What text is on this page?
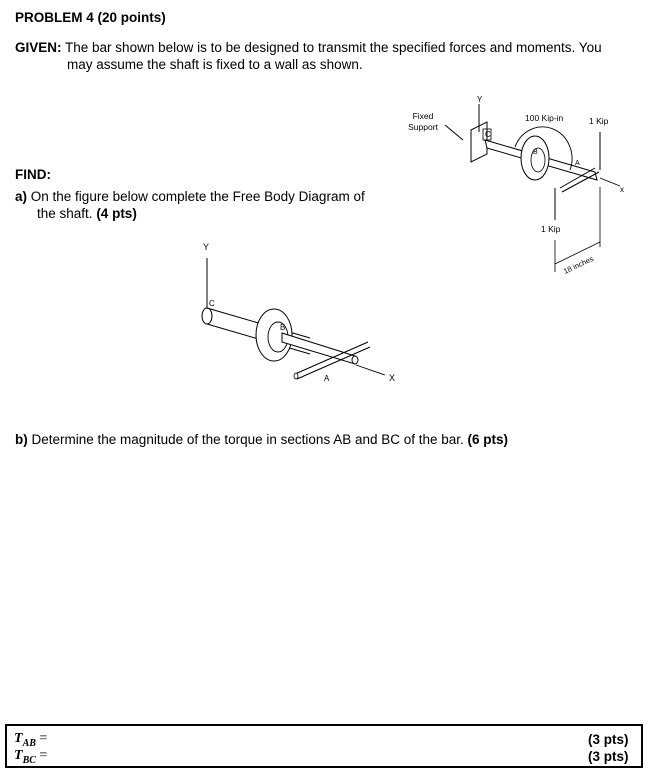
PROBLEM 4 (20 points)
GIVEN: The bar shown below is to be designed to transmit the specified forces and moments. You
may assume the shaft is fixed to a wall as shown.
Fixed
Support
C
Y
B
100 Kip-in
A
x
1 Kip
1 Kip
18 inches
FIND:
a) On the figure below complete the Free Body Diagram of
the shaft. (4 pts)
Y
C
B
A	X
b) Determine the magnitude of the torque in sections AB and BC of the bar. (6 pts)
$T_{AB}$ =
$T_{BC}$ =
(3 pts)
(3 pts)
